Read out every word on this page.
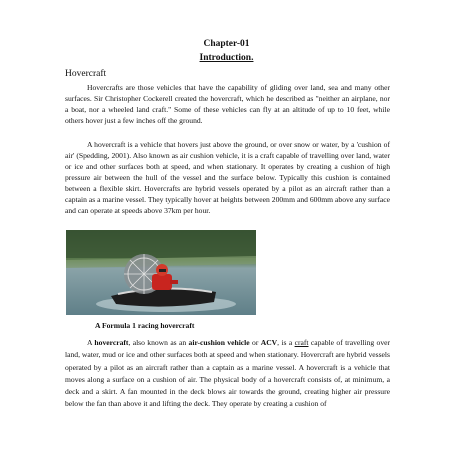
Chapter-01
Introduction.
Hovercraft

Hovercrafts are those vehicles that have the capability of gliding over land, sea and many other surfaces. Sir Christopher Cockerell created the hovercraft, which he described as "neither an airplane, nor a boat, nor a wheeled land craft." Some of these vehicles can fly at an altitude of up to 10 feet, while others hover just a few inches off the ground.

A hovercraft is a vehicle that hovers just above the ground, or over snow or water, by a 'cushion of air' (Spedding, 2001). Also known as air cushion vehicle, it is a craft capable of travelling over land, water or ice and other surfaces both at speed, and when stationary. It operates by creating a cushion of high pressure air between the hull of the vessel and the surface below. Typically this cushion is contained between a flexible skirt. Hovercrafts are hybrid vessels operated by a pilot as an aircraft rather than a captain as a marine vessel. They typically hover at heights between 200mm and 600mm above any surface and can operate at speeds above 37km per hour.

A Formula 1 racing hovercraft

A hovercraft, also known as an air-cushion vehicle or ACV, is a craft capable of travelling over land, water, mud or ice and other surfaces both at speed and when stationary. Hovercraft are hybrid vessels operated by a pilot as an aircraft rather than a captain as a marine vessel. A hovercraft is a vehicle that moves along a surface on a cushion of air. The physical body of a hovercraft consists of, at minimum, a deck and a skirt. A fan mounted in the deck blows air towards the ground, creating higher air pressure below the fan than above it and lifting the deck. They operate by creating a cushion of
